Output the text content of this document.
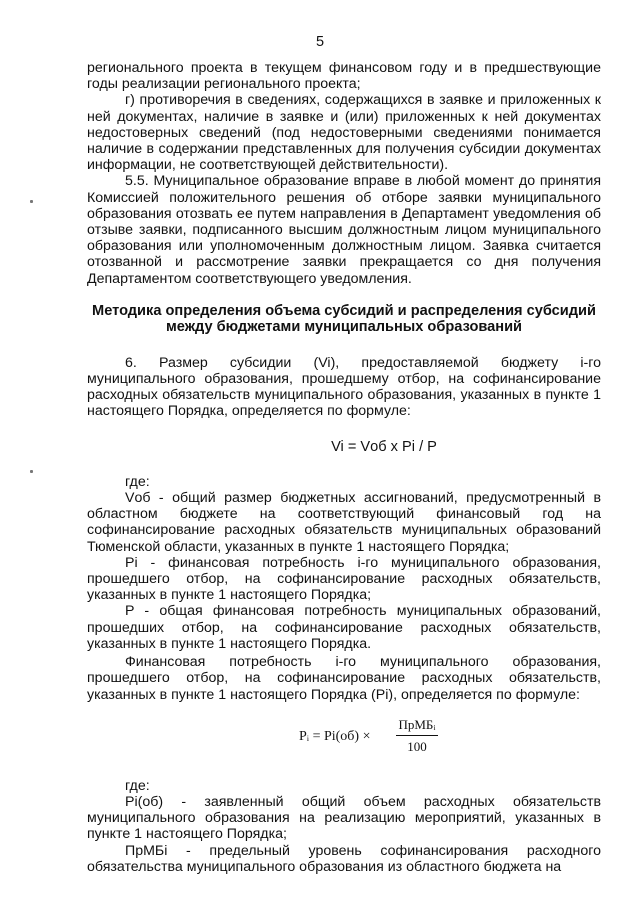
5

регионального проекта в текущем финансовом году и в предшествующие годы реализации регионального проекта;

г) противоречия в сведениях, содержащихся в заявке и приложенных к ней документах, наличие в заявке и (или) приложенных к ней документах недостоверных сведений (под недостоверными сведениями понимается наличие в содержании представленных для получения субсидии документах информации, не соответствующей действительности).

5.5. Муниципальное образование вправе в любой момент до принятия Комиссией положительного решения об отборе заявки муниципального образования отозвать ее путем направления в Департамент уведомления об отзыве заявки, подписанного высшим должностным лицом муниципального образования или уполномоченным должностным лицом. Заявка считается отозванной и рассмотрение заявки прекращается со дня получения Департаментом соответствующего уведомления.

Методика определения объема субсидий и распределения субсидий между бюджетами муниципальных образований

6. Размер субсидии (Vi), предоставляемой бюджету i-го муниципального образования, прошедшему отбор, на софинансирование расходных обязательств муниципального образования, указанных в пункте 1 настоящего Порядка, определяется по формуле:

Vi = Vоб x Pi / P

где:

Vоб - общий размер бюджетных ассигнований, предусмотренный в областном бюджете на соответствующий финансовый год на софинансирование расходных обязательств муниципальных образований Тюменской области, указанных в пункте 1 настоящего Порядка;

Pi - финансовая потребность i-го муниципального образования, прошедшего отбор, на софинансирование расходных обязательств, указанных в пункте 1 настоящего Порядка;

P - общая финансовая потребность муниципальных образований, прошедших отбор, на софинансирование расходных обязательств, указанных в пункте 1 настоящего Порядка.

Финансовая потребность i-го муниципального образования, прошедшего отбор, на софинансирование расходных обязательств, указанных в пункте 1 настоящего Порядка (Pi), определяется по формуле:

Pᵢ = Pi(об) ×
ПрМБᵢ
100

где:

Pi(об) - заявленный общий объем расходных обязательств муниципального образования на реализацию мероприятий, указанных в пункте 1 настоящего Порядка;

ПрМБi - предельный уровень софинансирования расходного обязательства муниципального образования из областного бюджета на
